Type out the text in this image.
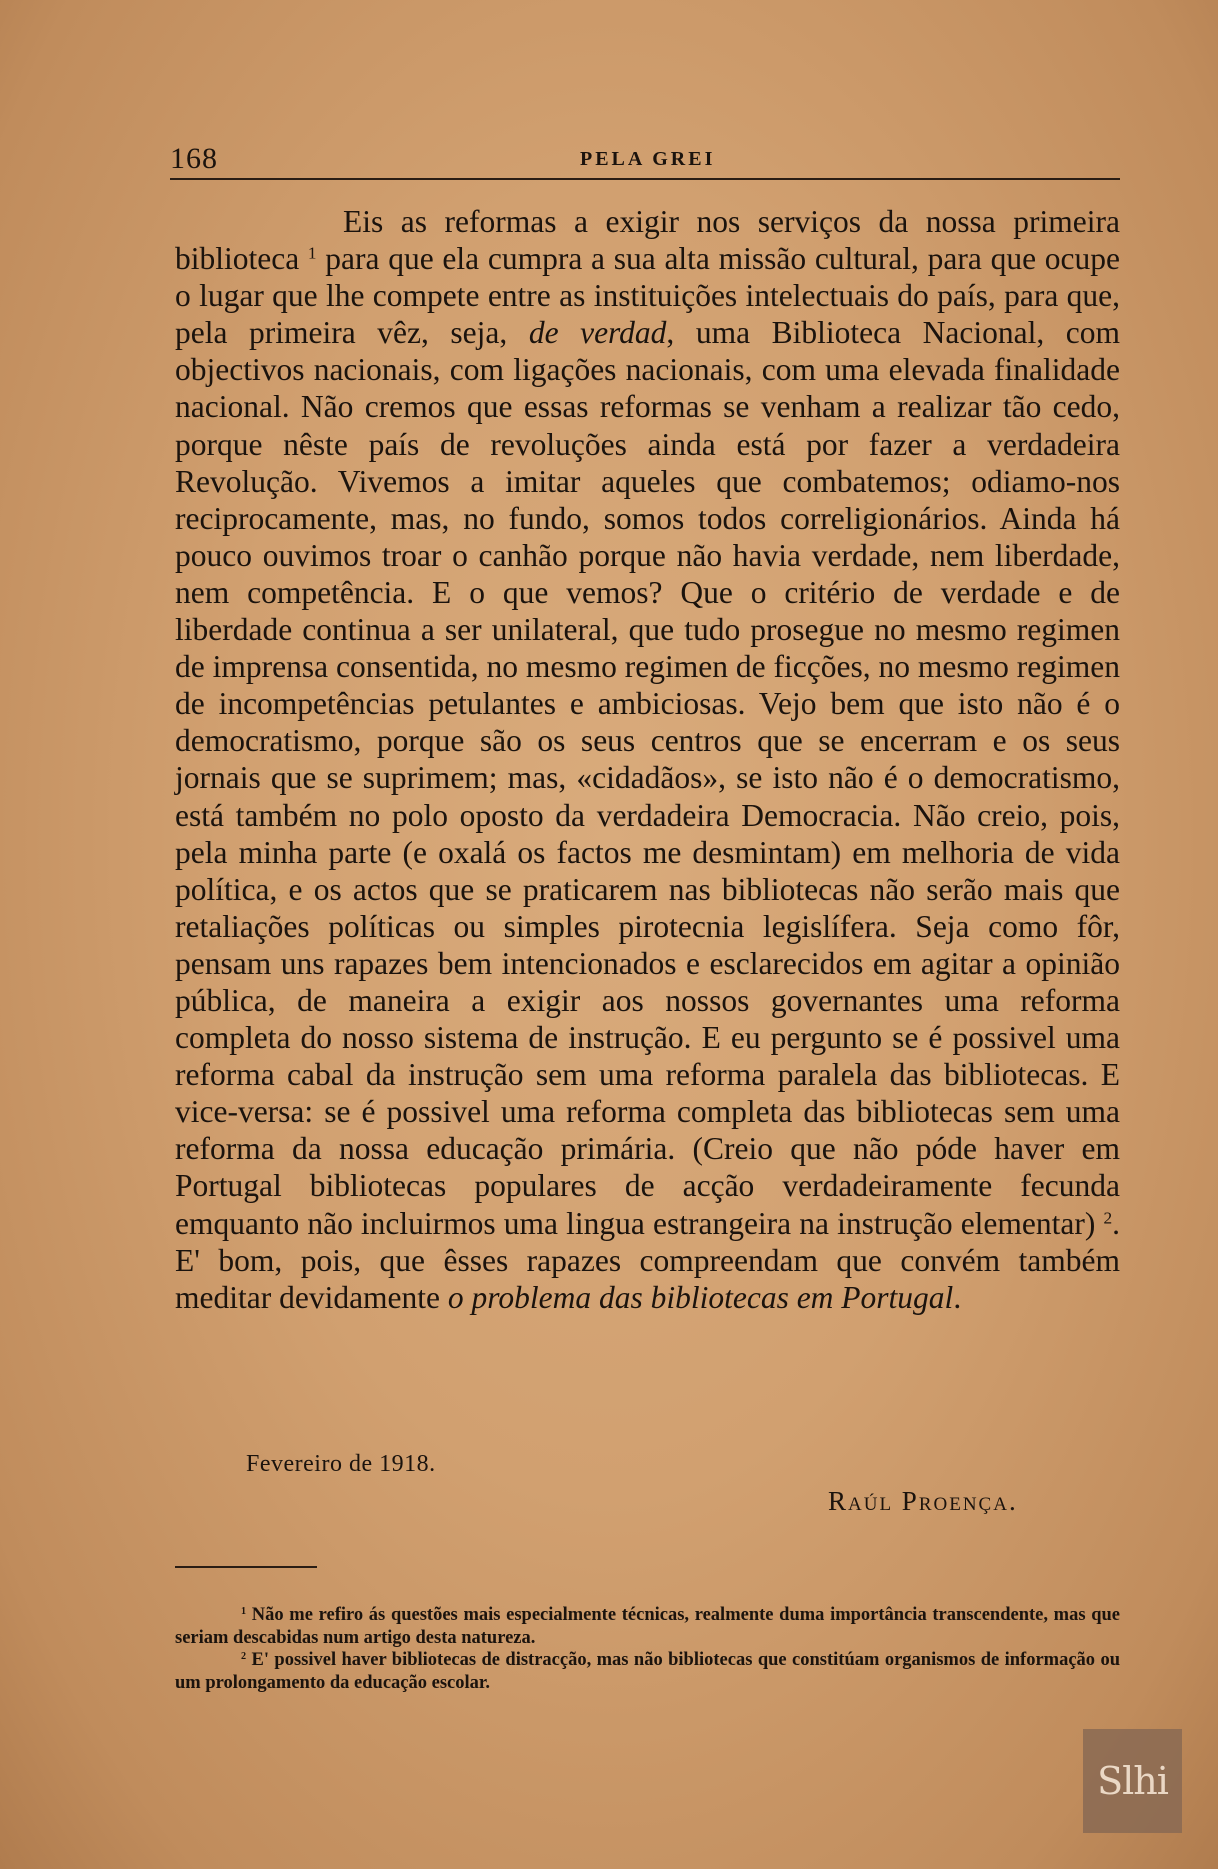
168	PELA GREI

Eis as reformas a exigir nos serviços da nossa primeira biblioteca $^1$ para que ela cumpra a sua alta missão cultural, para que ocupe o lugar que lhe compete entre as instituições intelectuais do país, para que, pela primeira vêz, seja, de verdad, uma Biblioteca Nacional, com objectivos nacionais, com ligações nacionais, com uma elevada finalidade nacional. Não cremos que essas reformas se venham a realizar tão cedo, porque nêste país de revoluções ainda está por fazer a verdadeira Revolução. Vivemos a imitar aqueles que combatemos; odiamo-nos reciprocamente, mas, no fundo, somos todos correligionários. Ainda há pouco ouvimos troar o canhão porque não havia verdade, nem liberdade, nem competência. E o que vemos? Que o critério de verdade e de liberdade continua a ser unilateral, que tudo prosegue no mesmo regimen de imprensa consentida, no mesmo regimen de ficções, no mesmo regimen de incompetências petulantes e ambiciosas. Vejo bem que isto não é o democratismo, porque são os seus centros que se encerram e os seus jornais que se suprimem; mas, «cidadãos», se isto não é o democratismo, está também no polo oposto da verdadeira Democracia. Não creio, pois, pela minha parte (e oxalá os factos me desmintam) em melhoria de vida política, e os actos que se praticarem nas bibliotecas não serão mais que retaliações políticas ou simples pirotecnia legislífera. Seja como fôr, pensam uns rapazes bem intencionados e esclarecidos em agitar a opinião pública, de maneira a exigir aos nossos governantes uma reforma completa do nosso sistema de instrução. E eu pergunto se é possivel uma reforma cabal da instrução sem uma reforma paralela das bibliotecas. E vice-versa: se é possivel uma reforma completa das bibliotecas sem uma reforma da nossa educação primária. (Creio que não póde haver em Portugal bibliotecas populares de acção verdadeiramente fecunda emquanto não incluirmos uma lingua estrangeira na instrução elementar) $^2$. E' bom, pois, que êsses rapazes compreendam que convém também meditar devidamente o problema das bibliotecas em Portugal.

Fevereiro de 1918.
Raúl Proença.

$^1$ Não me refiro ás questões mais especialmente técnicas, realmente duma importância transcendente, mas que seriam descabidas num artigo desta natureza.

$^2$ E' possivel haver bibliotecas de distracção, mas não bibliotecas que constitúam organismos de informação ou um prolongamento da educação escolar.

Slhi
